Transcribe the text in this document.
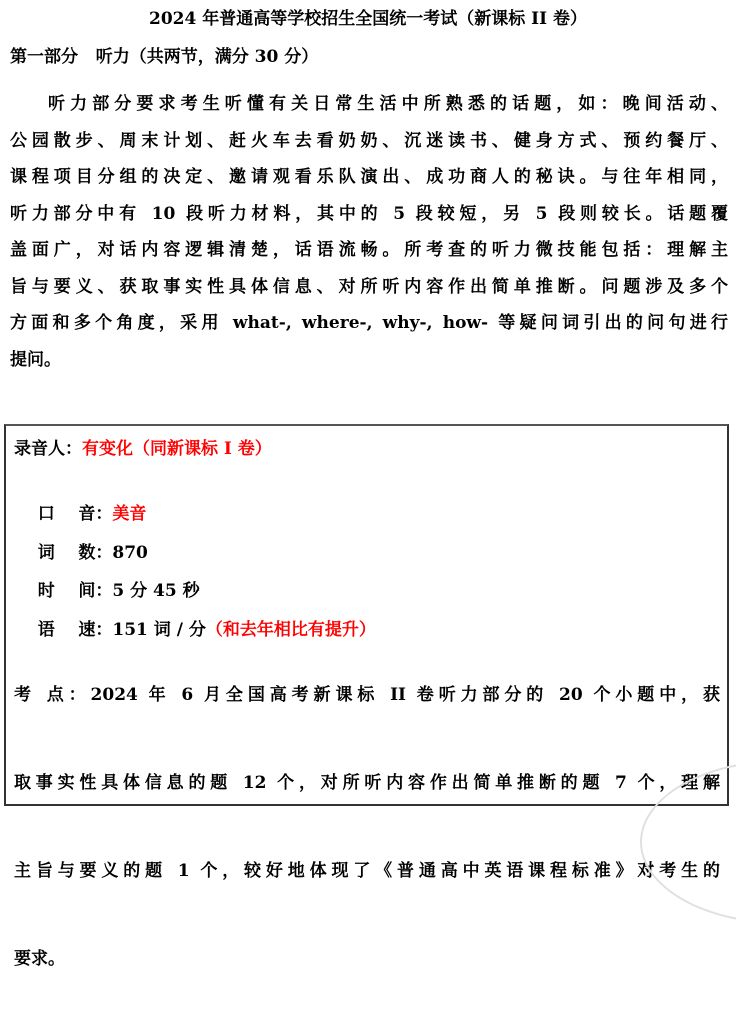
2024 年普通高等学校招生全国统一考试（新课标 II 卷）
第一部分   听力（共两节，满分 30 分）
听力部分要求考生听懂有关日常生活中所熟悉的话题，如：晚间活动、
公园散步、周末计划、赶火车去看奶奶、沉迷读书、健身方式、预约餐厅、
课程项目分组的决定、邀请观看乐队演出、成功商人的秘诀。与往年相同，
听力部分中有 10 段听力材料，其中的 5 段较短，另 5 段则较长。话题覆
盖面广，对话内容逻辑清楚，话语流畅。所考查的听力微技能包括：理解主
旨与要义、获取事实性具体信息、对所听内容作出简单推断。问题涉及多个
方面和多个角度，采用 what-, where-, why-, how- 等疑问词引出的问句进行
提问。
录音人：有变化（同新课标 I 卷）

口    音：美音

词    数：870

时    间：5 分 45 秒

语    速：151 词 / 分（和去年相比有提升）

考 点：2024 年 6 月全国高考新课标 II 卷听力部分的 20 个小题中，获

取事实性具体信息的题 12 个，对所听内容作出简单推断的题 7 个，理解

主旨与要义的题 1 个，较好地体现了《普通高中英语课程标准》对考生的

要求。
